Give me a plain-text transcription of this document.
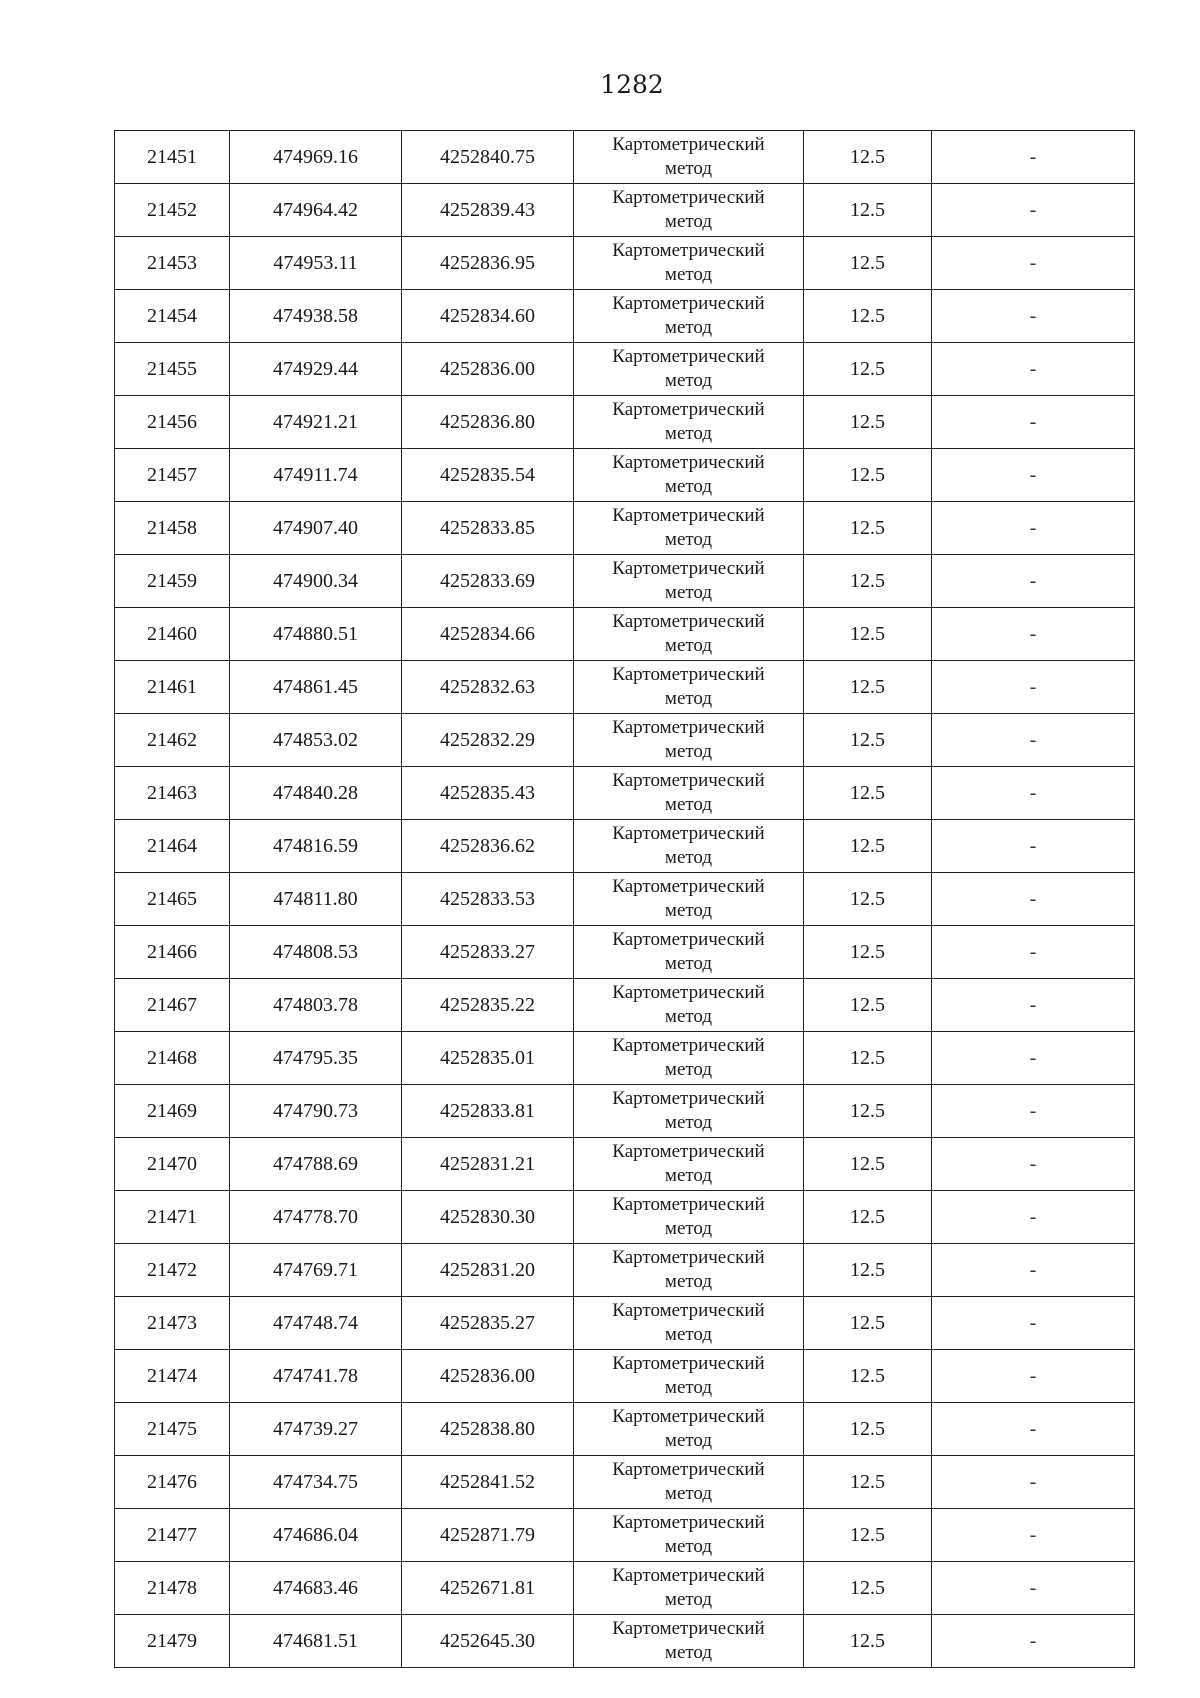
1282
21451	474969.16	4252840.75	Картометрический
метод	12.5	-
21452	474964.42	4252839.43	Картометрический
метод	12.5	-
21453	474953.11	4252836.95	Картометрический
метод	12.5	-
21454	474938.58	4252834.60	Картометрический
метод	12.5	-
21455	474929.44	4252836.00	Картометрический
метод	12.5	-
21456	474921.21	4252836.80	Картометрический
метод	12.5	-
21457	474911.74	4252835.54	Картометрический
метод	12.5	-
21458	474907.40	4252833.85	Картометрический
метод	12.5	-
21459	474900.34	4252833.69	Картометрический
метод	12.5	-
21460	474880.51	4252834.66	Картометрический
метод	12.5	-
21461	474861.45	4252832.63	Картометрический
метод	12.5	-
21462	474853.02	4252832.29	Картометрический
метод	12.5	-
21463	474840.28	4252835.43	Картометрический
метод	12.5	-
21464	474816.59	4252836.62	Картометрический
метод	12.5	-
21465	474811.80	4252833.53	Картометрический
метод	12.5	-
21466	474808.53	4252833.27	Картометрический
метод	12.5	-
21467	474803.78	4252835.22	Картометрический
метод	12.5	-
21468	474795.35	4252835.01	Картометрический
метод	12.5	-
21469	474790.73	4252833.81	Картометрический
метод	12.5	-
21470	474788.69	4252831.21	Картометрический
метод	12.5	-
21471	474778.70	4252830.30	Картометрический
метод	12.5	-
21472	474769.71	4252831.20	Картометрический
метод	12.5	-
21473	474748.74	4252835.27	Картометрический
метод	12.5	-
21474	474741.78	4252836.00	Картометрический
метод	12.5	-
21475	474739.27	4252838.80	Картометрический
метод	12.5	-
21476	474734.75	4252841.52	Картометрический
метод	12.5	-
21477	474686.04	4252871.79	Картометрический
метод	12.5	-
21478	474683.46	4252671.81	Картометрический
метод	12.5	-
21479	474681.51	4252645.30	Картометрический
метод	12.5	-
